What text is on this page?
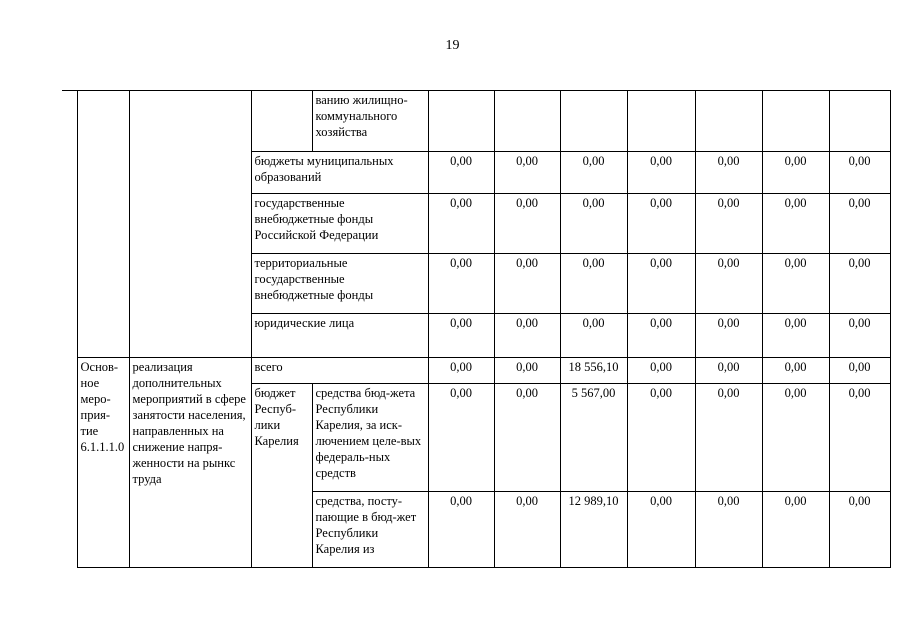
19
				ванию жилищно-коммунального хозяйства							
			бюджеты муниципальных образований		0,00	0,00	0,00	0,00	0,00	0,00	0,00
			государственные внебюджетные фонды Российской Федерации		0,00	0,00	0,00	0,00	0,00	0,00	0,00
			территориальные государственные внебюджетные фонды		0,00	0,00	0,00	0,00	0,00	0,00	0,00
			юридические лица		0,00	0,00	0,00	0,00	0,00	0,00	0,00
	Основ-ное меро-прия-тие 6.1.1.1.0	реализация дополнительных мероприятий в сфере занятости населения, направленных на снижение напря-женности на рынкс труда	всего		0,00	0,00	18 556,10	0,00	0,00	0,00	0,00
			бюджет Респуб-лики Карелия	средства бюд-жета Республики Карелия, за иск-лючением целе-вых федераль-ных средств	0,00	0,00	5 567,00	0,00	0,00	0,00	0,00
				средства, посту-пающие в бюд-жет Республики Карелия из	0,00	0,00	12 989,10	0,00	0,00	0,00	0,00
